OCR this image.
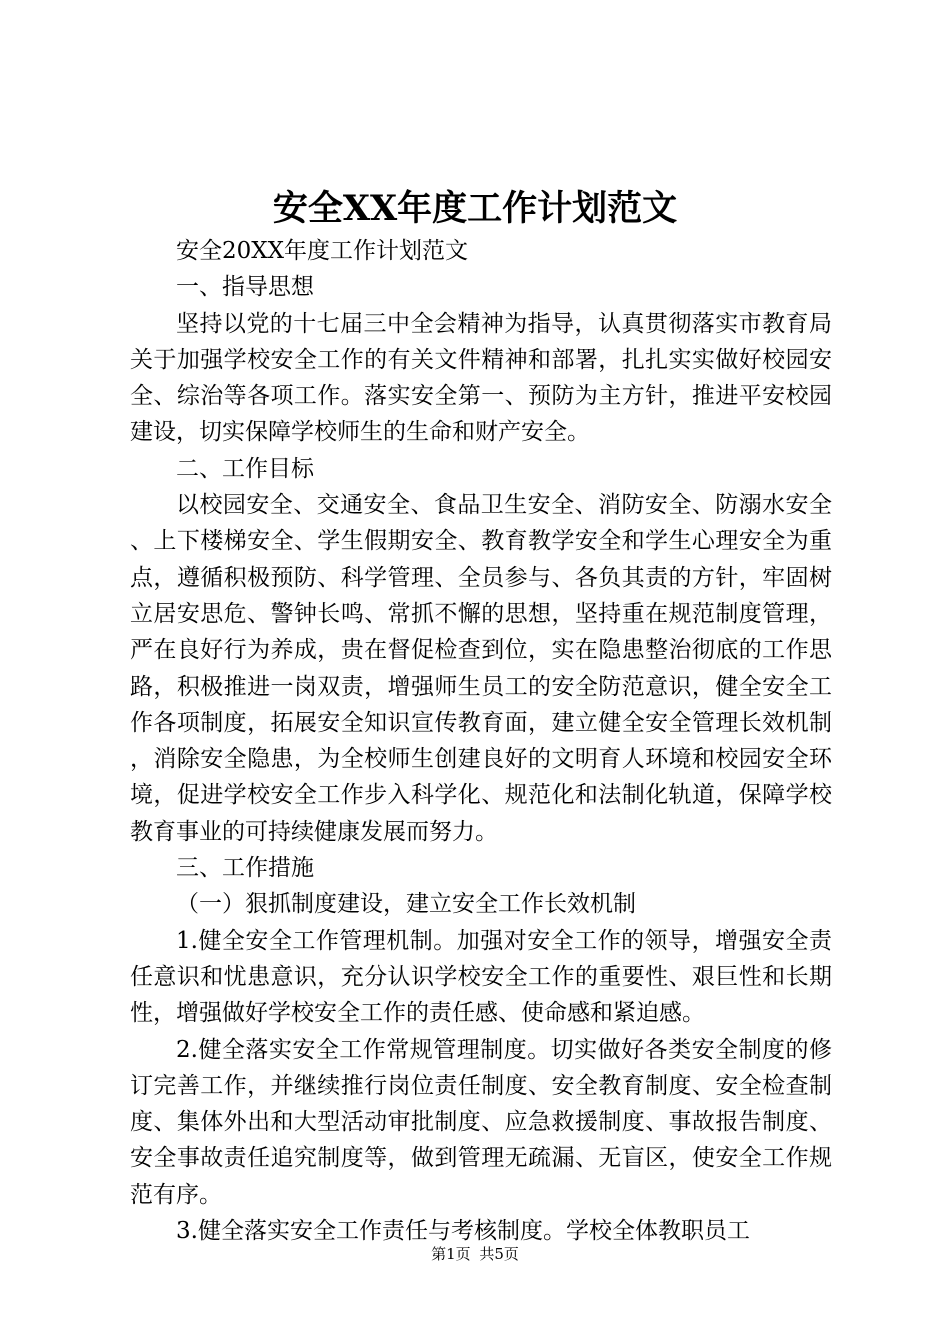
安全XX年度工作计划范文

安全20XX年度工作计划范文

一、指导思想

坚持以党的十七届三中全会精神为指导，认真贯彻落实市教育局关于加强学校安全工作的有关文件精神和部署，扎扎实实做好校园安全、综治等各项工作。落实安全第一、预防为主方针，推进平安校园建设，切实保障学校师生的生命和财产安全。

二、工作目标

以校园安全、交通安全、食品卫生安全、消防安全、防溺水安全、上下楼梯安全、学生假期安全、教育教学安全和学生心理安全为重点，遵循积极预防、科学管理、全员参与、各负其责的方针，牢固树立居安思危、警钟长鸣、常抓不懈的思想，坚持重在规范制度管理，严在良好行为养成，贵在督促检查到位，实在隐患整治彻底的工作思路，积极推进一岗双责，增强师生员工的安全防范意识，健全安全工作各项制度，拓展安全知识宣传教育面，建立健全安全管理长效机制，消除安全隐患，为全校师生创建良好的文明育人环境和校园安全环境，促进学校安全工作步入科学化、规范化和法制化轨道，保障学校教育事业的可持续健康发展而努力。

三、工作措施

（一）狠抓制度建设，建立安全工作长效机制

1.健全安全工作管理机制。加强对安全工作的领导，增强安全责任意识和忧患意识，充分认识学校安全工作的重要性、艰巨性和长期性，增强做好学校安全工作的责任感、使命感和紧迫感。

2.健全落实安全工作常规管理制度。切实做好各类安全制度的修订完善工作，并继续推行岗位责任制度、安全教育制度、安全检查制度、集体外出和大型活动审批制度、应急救援制度、事故报告制度、安全事故责任追究制度等，做到管理无疏漏、无盲区，使安全工作规范有序。

3.健全落实安全工作责任与考核制度。学校全体教职员工

第1页 共5页
